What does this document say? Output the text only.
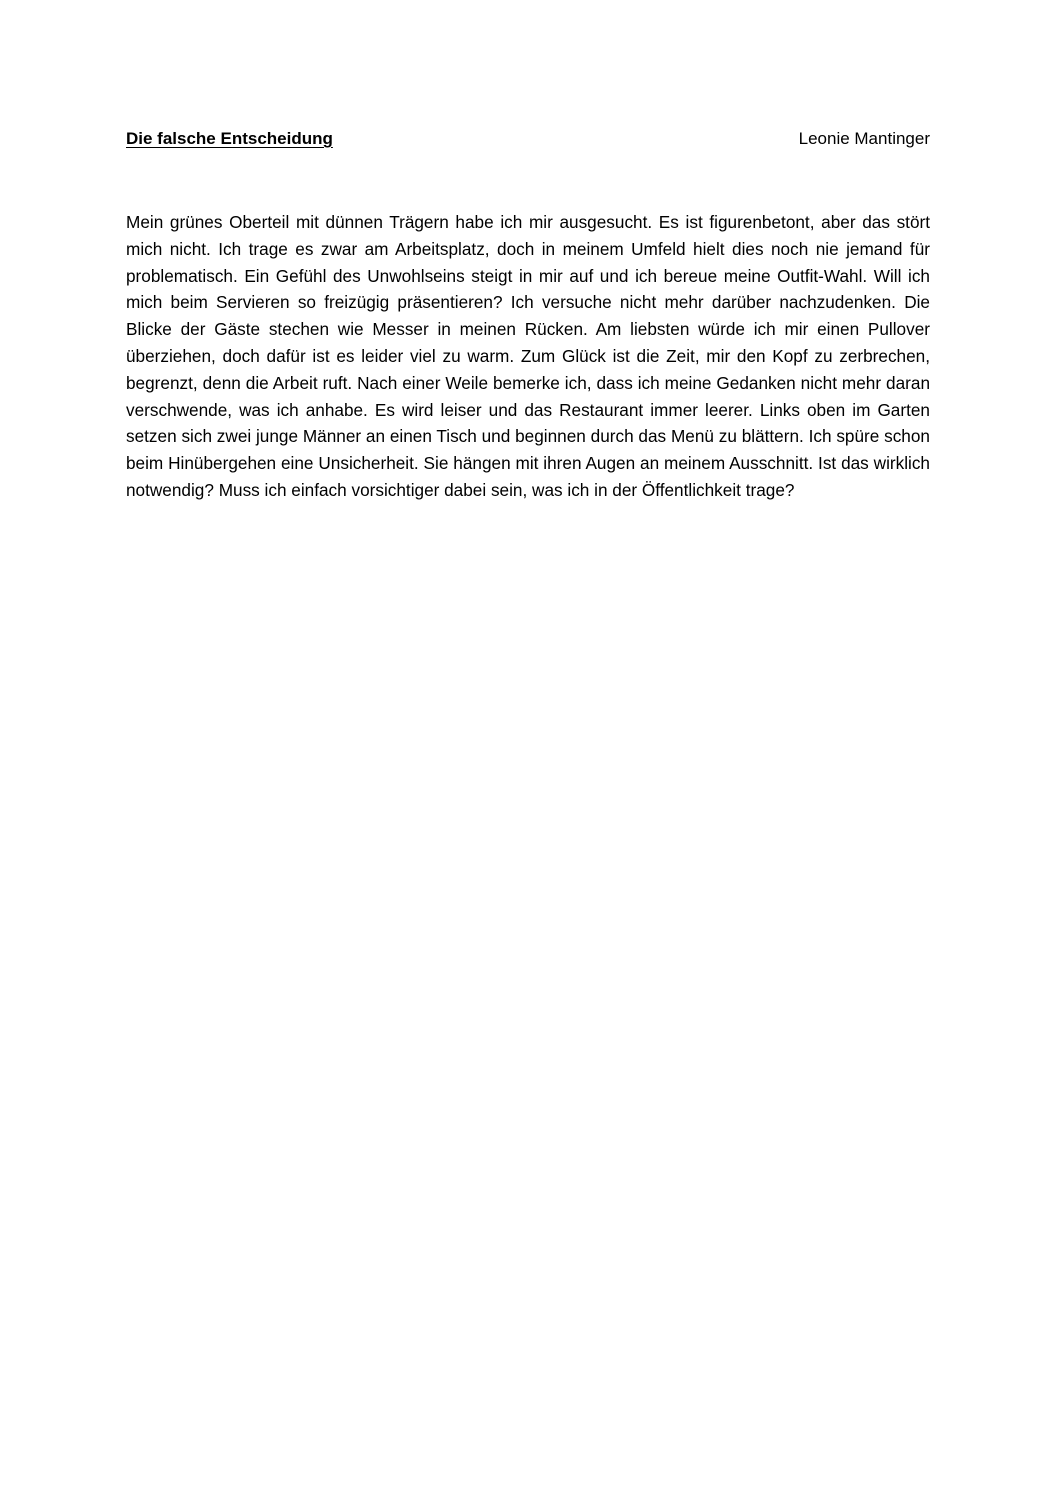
Die falsche Entscheidung	Leonie Mantinger

Mein grünes Oberteil mit dünnen Trägern habe ich mir ausgesucht. Es ist figurenbetont, aber das stört mich nicht. Ich trage es zwar am Arbeitsplatz, doch in meinem Umfeld hielt dies noch nie jemand für problematisch. Ein Gefühl des Unwohlseins steigt in mir auf und ich bereue meine Outfit-Wahl. Will ich mich beim Servieren so freizügig präsentieren? Ich versuche nicht mehr darüber nachzudenken. Die Blicke der Gäste stechen wie Messer in meinen Rücken. Am liebsten würde ich mir einen Pullover überziehen, doch dafür ist es leider viel zu warm. Zum Glück ist die Zeit, mir den Kopf zu zerbrechen, begrenzt, denn die Arbeit ruft. Nach einer Weile bemerke ich, dass ich meine Gedanken nicht mehr daran verschwende, was ich anhabe. Es wird leiser und das Restaurant immer leerer. Links oben im Garten setzen sich zwei junge Männer an einen Tisch und beginnen durch das Menü zu blättern. Ich spüre schon beim Hinübergehen eine Unsicherheit. Sie hängen mit ihren Augen an meinem Ausschnitt. Ist das wirklich notwendig? Muss ich einfach vorsichtiger dabei sein, was ich in der Öffentlichkeit trage?
